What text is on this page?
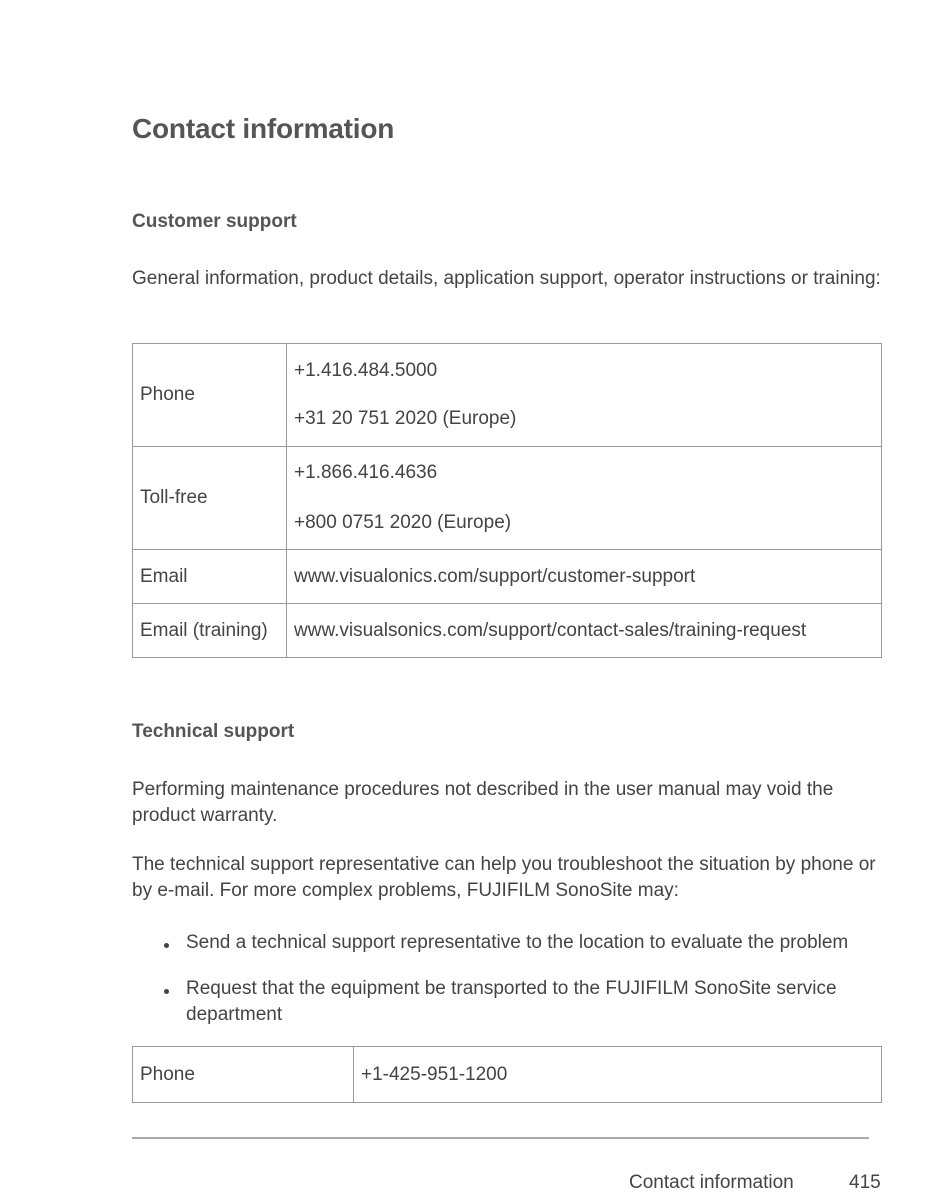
Contact information
Customer support

General information, product details, application support, operator instructions or training:

Phone	+1.416.484.5000
+31 20 751 2020 (Europe)

Toll-free	+1.866.416.4636
+800 0751 2020 (Europe)

Email	www.visualonics.com/support/customer-support
Email (training)	www.visualsonics.com/support/contact-sales/training-request
Technical support

Performing maintenance procedures not described in the user manual may void the product warranty.

The technical support representative can help you troubleshoot the situation by phone or by e-mail. For more complex problems, FUJIFILM SonoSite may:

Send a technical support representative to the location to evaluate the problem
Request that the equipment be transported to the FUJIFILM SonoSite service department
Phone	+1-425-951-1200
Contact information	415
